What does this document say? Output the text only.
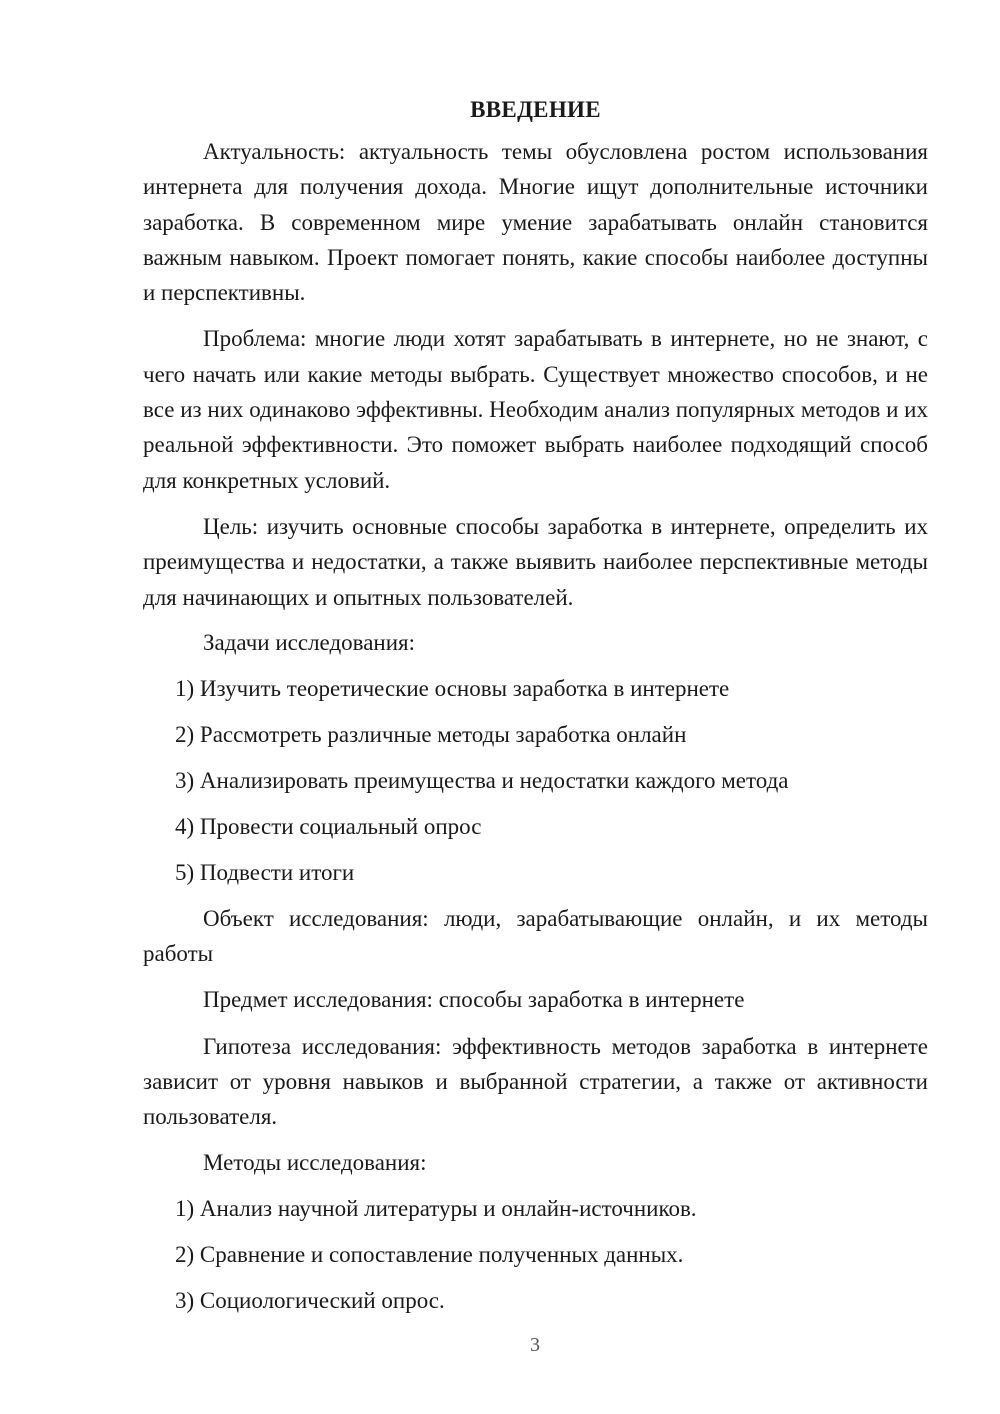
ВВЕДЕНИЕ

Актуальность: актуальность темы обусловлена ростом использования интернета для получения дохода. Многие ищут дополнительные источники заработка. В современном мире умение зарабатывать онлайн становится важным навыком. Проект помогает понять, какие способы наиболее доступны и перспективны.

Проблема: многие люди хотят зарабатывать в интернете, но не знают, с чего начать или какие методы выбрать. Существует множество способов, и не все из них одинаково эффективны. Необходим анализ популярных методов и их реальной эффективности. Это поможет выбрать наиболее подходящий способ для конкретных условий.

Цель: изучить основные способы заработка в интернете, определить их преимущества и недостатки, а также выявить наиболее перспективные методы для начинающих и опытных пользователей.

Задачи исследования:

1) Изучить теоретические основы заработка в интернете
2) Рассмотреть различные методы заработка онлайн
3) Анализировать преимущества и недостатки каждого метода
4) Провести социальный опрос
5) Подвести итоги

Объект исследования: люди, зарабатывающие онлайн, и их методы работы

Предмет исследования: способы заработка в интернете

Гипотеза исследования: эффективность методов заработка в интернете зависит от уровня навыков и выбранной стратегии, а также от активности пользователя.

Методы исследования:

1) Анализ научной литературы и онлайн-источников.
2) Сравнение и сопоставление полученных данных.
3) Социологический опрос.
3
